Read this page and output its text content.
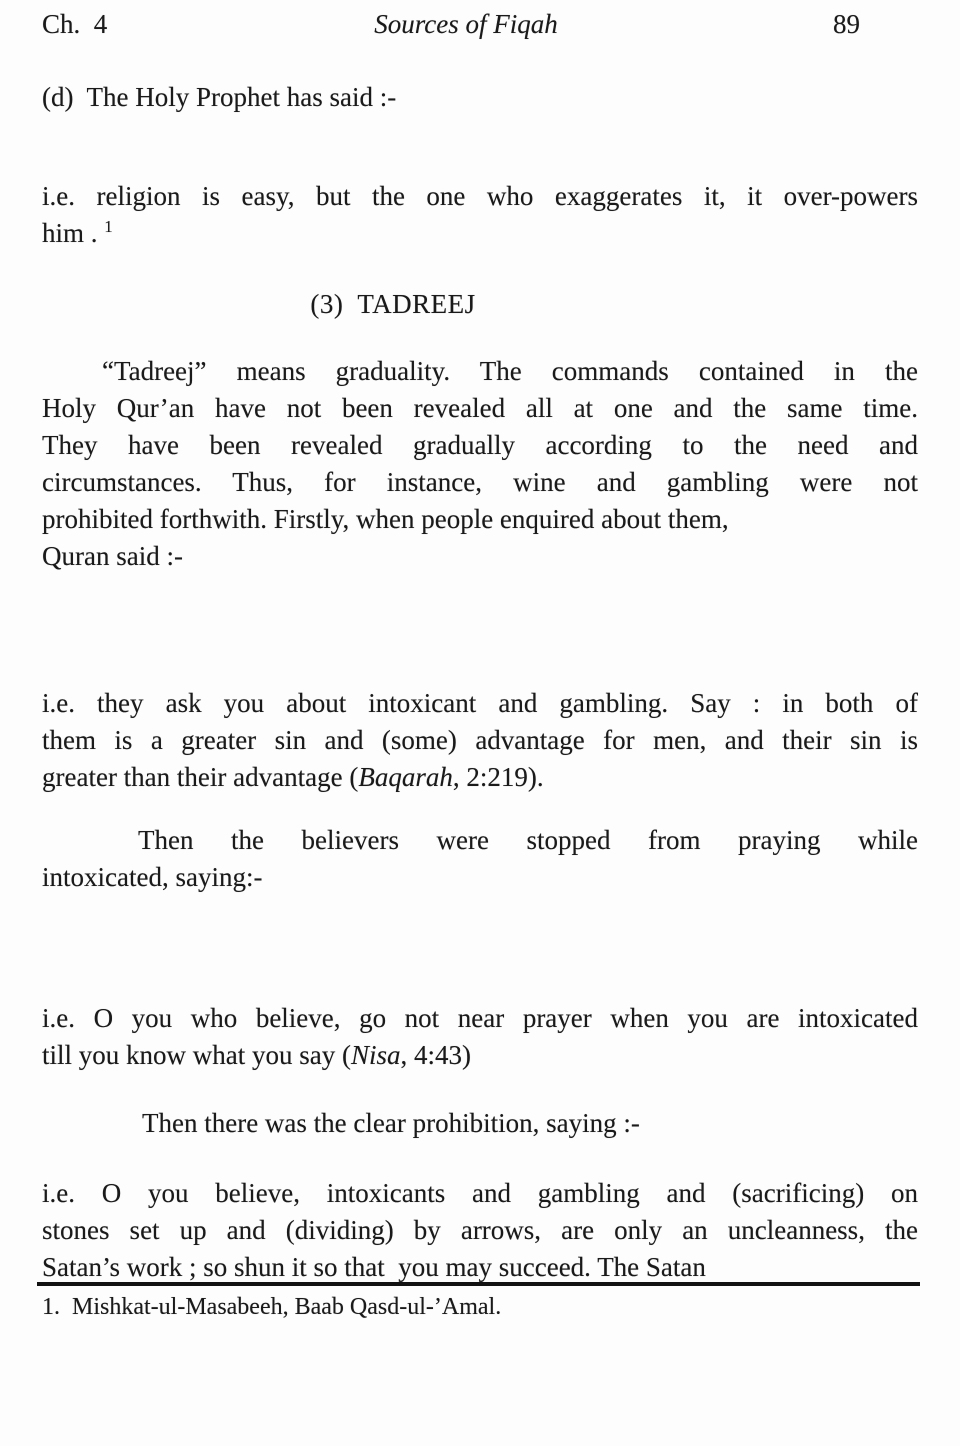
Ch.  4	Sources of Fiqah	89

(d)  The Holy Prophet has said :-

i.e. religion is easy, but the one who exaggerates it, it over-powers
him . $^1$

(3)  TADREEJ

“Tadreej” means graduality. The commands contained in the
Holy Qur’an have not been revealed all at one and the same time.
They have been revealed gradually according to the need and
circumstances. Thus, for instance, wine and gambling were not
prohibited forthwith. Firstly, when people enquired about them,
Quran said :-

i.e. they ask you about intoxicant and gambling. Say : in both of
them is a greater sin and (some) advantage for men, and their sin is
greater than their advantage (Baqarah, 2:219).

Then the believers were stopped from praying while
intoxicated, saying:-

i.e. O you who believe, go not near prayer when you are intoxicated
till you know what you say (Nisa, 4:43)

Then there was the clear prohibition, saying :-

i.e. O you believe, intoxicants and gambling and (sacrificing) on
stones set up and (dividing) by arrows, are only an uncleanness, the
Satan’s work ; so shun it so that  you may succeed. The Satan

1.  Mishkat-ul-Masabeeh, Baab Qasd-ul-’Amal.
